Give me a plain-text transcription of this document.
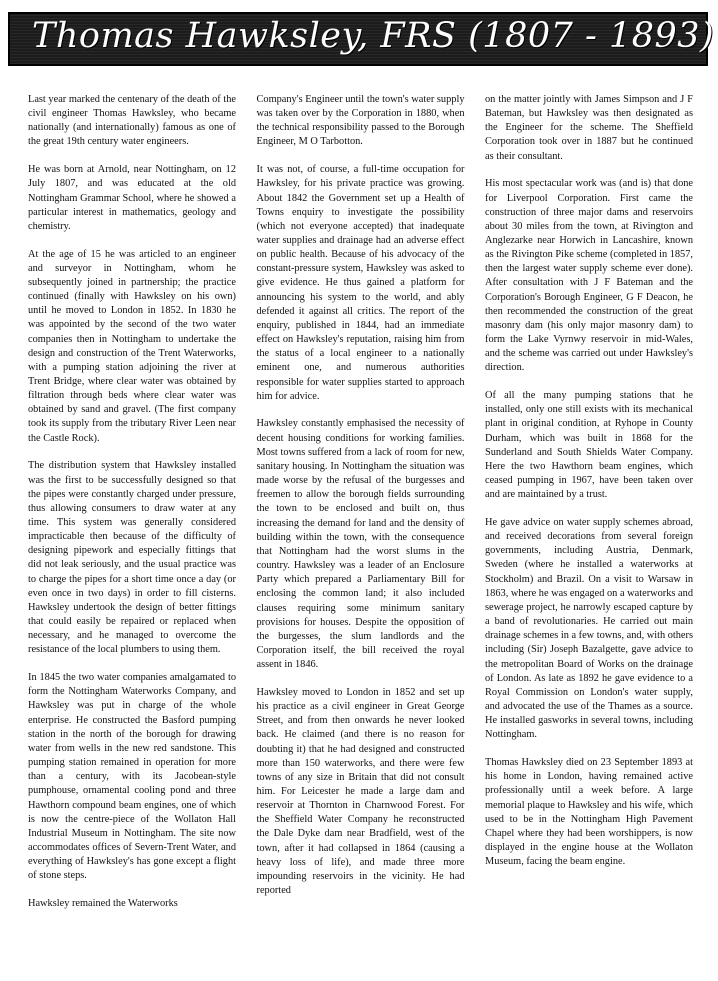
Thomas Hawksley, FRS (1807 - 1893)

Last year marked the centenary of the death of the civil engineer Thomas Hawksley, who became nationally (and internationally) famous as one of the great 19th century water engineers.

He was born at Arnold, near Nottingham, on 12 July 1807, and was educated at the old Nottingham Grammar School, where he showed a particular interest in mathematics, geology and chemistry.

At the age of 15 he was articled to an engineer and surveyor in Nottingham, whom he subsequently joined in partnership; the practice continued (finally with Hawksley on his own) until he moved to London in 1852. In 1830 he was appointed by the second of the two water companies then in Nottingham to undertake the design and construction of the Trent Waterworks, with a pumping station adjoining the river at Trent Bridge, where clear water was obtained by filtration through beds where clear water was obtained by sand and gravel. (The first company took its supply from the tributary River Leen near the Castle Rock).

The distribution system that Hawksley installed was the first to be successfully designed so that the pipes were constantly charged under pressure, thus allowing consumers to draw water at any time. This system was generally considered impracticable then because of the difficulty of designing pipework and especially fittings that did not leak seriously, and the usual practice was to charge the pipes for a short time once a day (or even once in two days) in order to fill cisterns. Hawksley undertook the design of better fittings that could easily be repaired or replaced when necessary, and he managed to overcome the resistance of the local plumbers to using them.

In 1845 the two water companies amalgamated to form the Nottingham Waterworks Company, and Hawksley was put in charge of the whole enterprise. He constructed the Basford pumping station in the north of the borough for drawing water from wells in the new red sandstone. This pumping station remained in operation for more than a century, with its Jacobean-style pumphouse, ornamental cooling pond and three Hawthorn compound beam engines, one of which is now the centre-piece of the Wollaton Hall Industrial Museum in Nottingham. The site now accommodates offices of Severn-Trent Water, and everything of Hawksley's has gone except a flight of stone steps.

Hawksley remained the Waterworks

Company's Engineer until the town's water supply was taken over by the Corporation in 1880, when the technical responsibility passed to the Borough Engineer, M O Tarbotton.

It was not, of course, a full-time occupation for Hawksley, for his private practice was growing. About 1842 the Government set up a Health of Towns enquiry to investigate the possibility (which not everyone accepted) that inadequate water supplies and drainage had an adverse effect on public health. Because of his advocacy of the constant-pressure system, Hawksley was asked to give evidence. He thus gained a platform for announcing his system to the world, and ably defended it against all critics. The report of the enquiry, published in 1844, had an immediate effect on Hawksley's reputation, raising him from the status of a local engineer to a nationally eminent one, and numerous authorities responsible for water supplies started to approach him for advice.

Hawksley constantly emphasised the necessity of decent housing conditions for working families. Most towns suffered from a lack of room for new, sanitary housing. In Nottingham the situation was made worse by the refusal of the burgesses and freemen to allow the borough fields surrounding the town to be enclosed and built on, thus increasing the demand for land and the density of building within the town, with the consequence that Nottingham had the worst slums in the country. Hawksley was a leader of an Enclosure Party which prepared a Parliamentary Bill for enclosing the common land; it also included clauses requiring some minimum sanitary provisions for houses. Despite the opposition of the burgesses, the slum landlords and the Corporation itself, the bill received the royal assent in 1846.

Hawksley moved to London in 1852 and set up his practice as a civil engineer in Great George Street, and from then onwards he never looked back. He claimed (and there is no reason for doubting it) that he had designed and constructed more than 150 waterworks, and there were few towns of any size in Britain that did not consult him. For Leicester he made a large dam and reservoir at Thornton in Charnwood Forest. For the Sheffield Water Company he reconstructed the Dale Dyke dam near Bradfield, west of the town, after it had collapsed in 1864 (causing a heavy loss of life), and made three more impounding reservoirs in the vicinity. He had reported

on the matter jointly with James Simpson and J F Bateman, but Hawksley was then designated as the Engineer for the scheme. The Sheffield Corporation took over in 1887 but he continued as their consultant.

His most spectacular work was (and is) that done for Liverpool Corporation. First came the construction of three major dams and reservoirs about 30 miles from the town, at Rivington and Anglezarke near Horwich in Lancashire, known as the Rivington Pike scheme (completed in 1857, then the largest water supply scheme ever done). After consultation with J F Bateman and the Corporation's Borough Engineer, G F Deacon, he then recommended the construction of the great masonry dam (his only major masonry dam) to form the Lake Vyrnwy reservoir in mid-Wales, and the scheme was carried out under Hawksley's direction.

Of all the many pumping stations that he installed, only one still exists with its mechanical plant in original condition, at Ryhope in County Durham, which was built in 1868 for the Sunderland and South Shields Water Company. Here the two Hawthorn beam engines, which ceased pumping in 1967, have been taken over and are maintained by a trust.

He gave advice on water supply schemes abroad, and received decorations from several foreign governments, including Austria, Denmark, Sweden (where he installed a waterworks at Stockholm) and Brazil. On a visit to Warsaw in 1863, where he was engaged on a waterworks and sewerage project, he narrowly escaped capture by a band of revolutionaries. He carried out main drainage schemes in a few towns, and, with others including (Sir) Joseph Bazalgette, gave advice to the metropolitan Board of Works on the drainage of London. As late as 1892 he gave evidence to a Royal Commission on London's water supply, and advocated the use of the Thames as a source. He installed gasworks in several towns, including Nottingham.

Thomas Hawksley died on 23 September 1893 at his home in London, having remained active professionally until a week before. A large memorial plaque to Hawksley and his wife, which used to be in the Nottingham High Pavement Chapel where they had been worshippers, is now displayed in the engine house at the Wollaton Museum, facing the beam engine.
